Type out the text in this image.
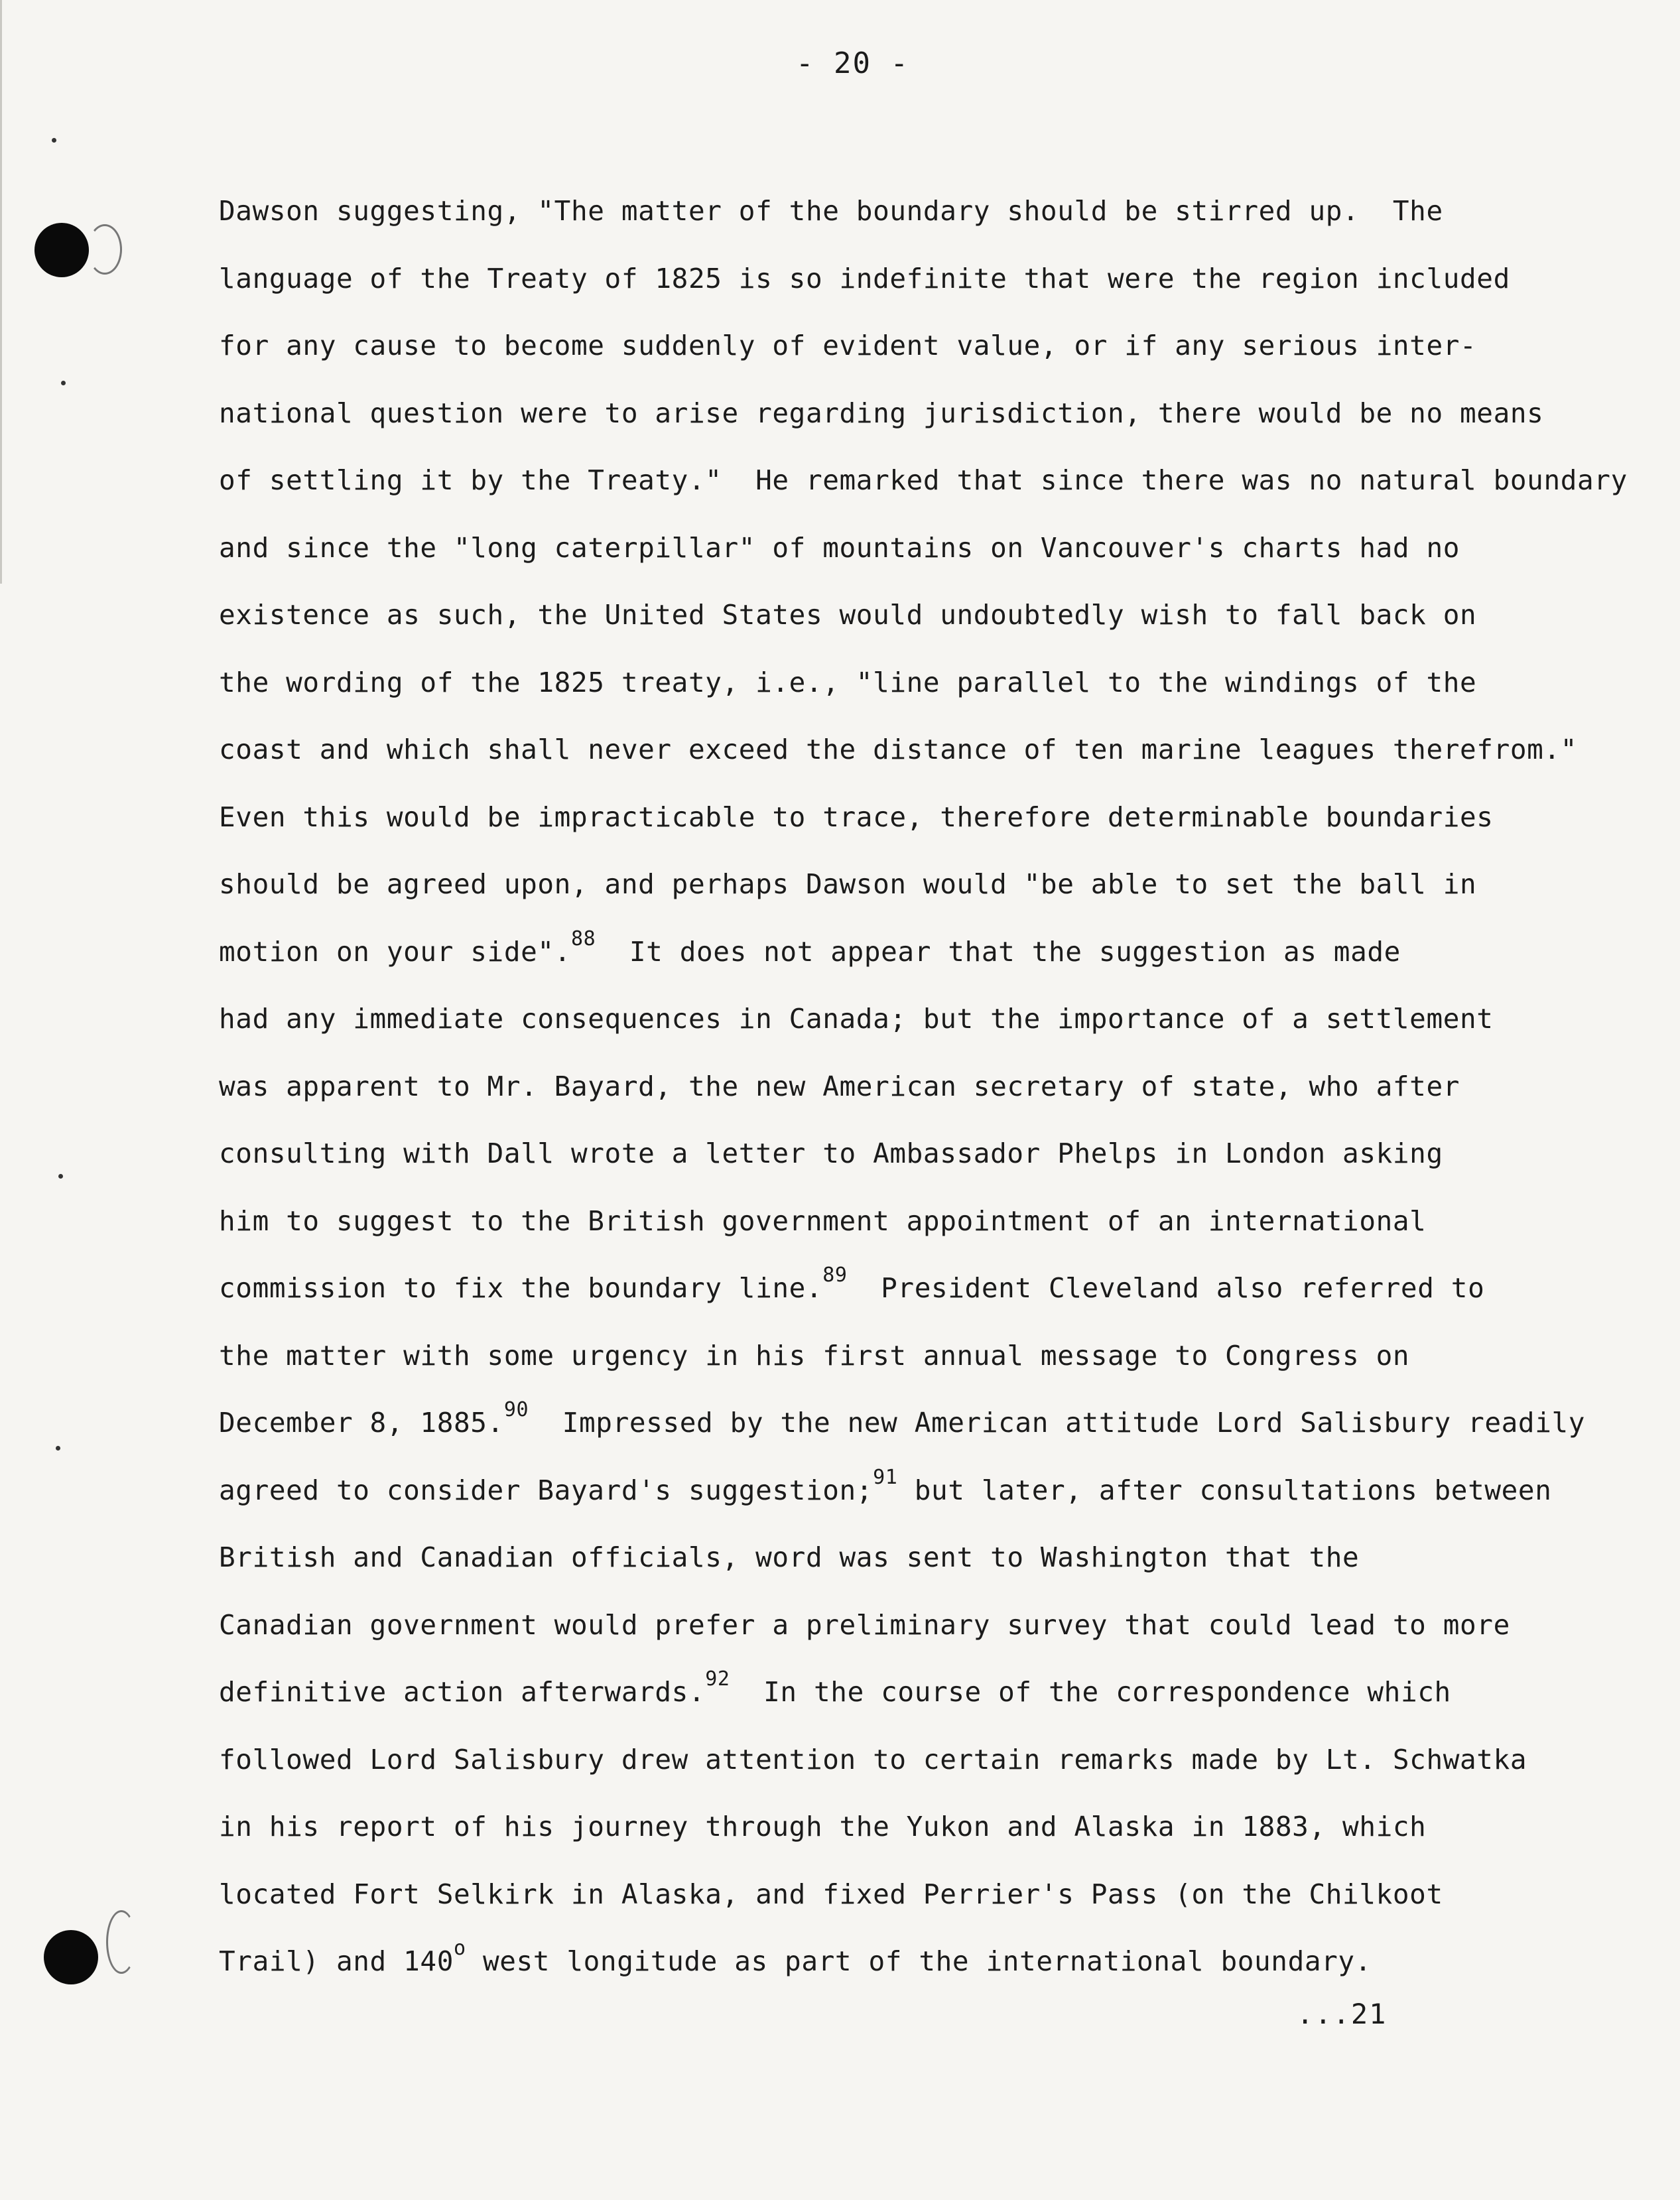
- 20 -
Dawson suggesting, "The matter of the boundary should be stirred up.  The
language of the Treaty of 1825 is so indefinite that were the region included
for any cause to become suddenly of evident value, or if any serious inter-
national question were to arise regarding jurisdiction, there would be no means
of settling it by the Treaty."  He remarked that since there was no natural boundary
and since the "long caterpillar" of mountains on Vancouver's charts had no
existence as such, the United States would undoubtedly wish to fall back on
the wording of the 1825 treaty, i.e., "line parallel to the windings of the
coast and which shall never exceed the distance of ten marine leagues therefrom."
Even this would be impracticable to trace, therefore determinable boundaries
should be agreed upon, and perhaps Dawson would "be able to set the ball in
motion on your side".$^{88}$  It does not appear that the suggestion as made
had any immediate consequences in Canada; but the importance of a settlement
was apparent to Mr. Bayard, the new American secretary of state, who after
consulting with Dall wrote a letter to Ambassador Phelps in London asking
him to suggest to the British government appointment of an international
commission to fix the boundary line.$^{89}$  President Cleveland also referred to
the matter with some urgency in his first annual message to Congress on
December 8, 1885.90  Impressed by the new American attitude Lord Salisbury readily
agreed to consider Bayard's suggestion;$^{91}$ but later, after consultations between
British and Canadian officials, word was sent to Washington that the
Canadian government would prefer a preliminary survey that could lead to more
definitive action afterwards.$^{92}$  In the course of the correspondence which
followed Lord Salisbury drew attention to certain remarks made by Lt. Schwatka
in his report of his journey through the Yukon and Alaska in 1883, which
located Fort Selkirk in Alaska, and fixed Perrier's Pass (on the Chilkoot
Trail) and 140$^o$ west longitude as part of the international boundary.
...21
